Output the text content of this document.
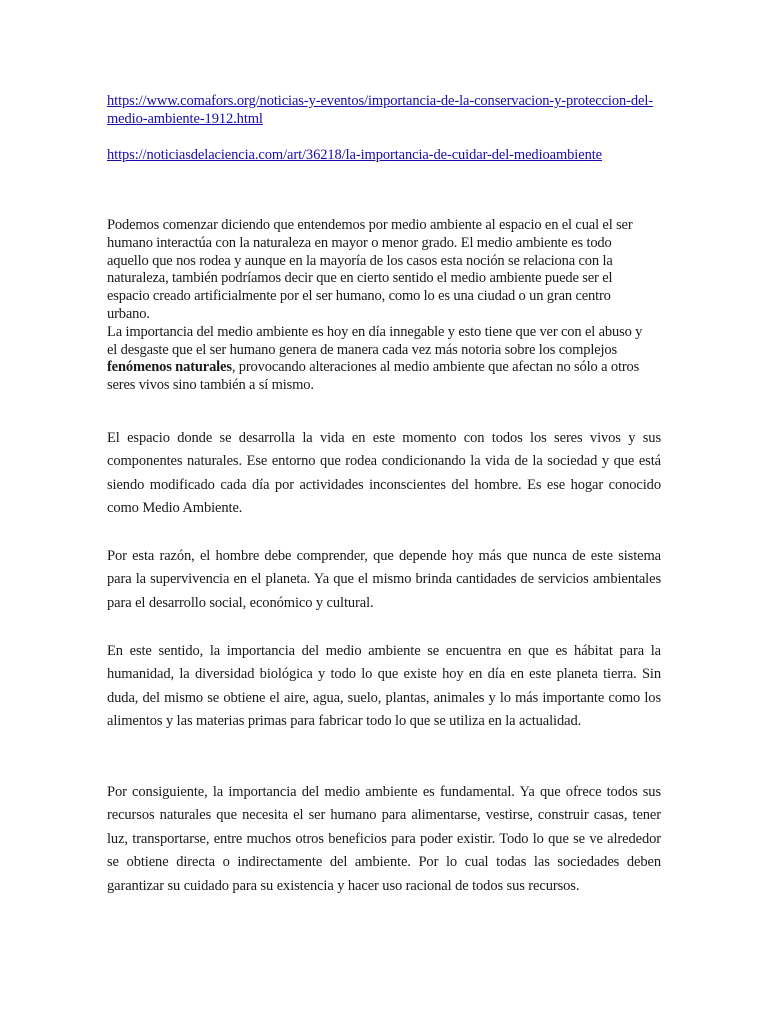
https://www.comafors.org/noticias-y-eventos/importancia-de-la-conservacion-y-proteccion-del-medio-ambiente-1912.html
https://noticiasdelaciencia.com/art/36218/la-importancia-de-cuidar-del-medioambiente

Podemos comenzar diciendo que entendemos por medio ambiente al espacio en el cual el ser humano interactúa con la naturaleza en mayor o menor grado. El medio ambiente es todo aquello que nos rodea y aunque en la mayoría de los casos esta noción se relaciona con la naturaleza, también podríamos decir que en cierto sentido el medio ambiente puede ser el espacio creado artificialmente por el ser humano, como lo es una ciudad o un gran centro urbano.

La importancia del medio ambiente es hoy en día innegable y esto tiene que ver con el abuso y el desgaste que el ser humano genera de manera cada vez más notoria sobre los complejos fenómenos naturales, provocando alteraciones al medio ambiente que afectan no sólo a otros seres vivos sino también a sí mismo.

El espacio donde se desarrolla la vida en este momento con todos los seres vivos y sus componentes naturales. Ese entorno que rodea condicionando la vida de la sociedad y que está siendo modificado cada día por actividades inconscientes del hombre. Es ese hogar conocido como Medio Ambiente.

Por esta razón, el hombre debe comprender, que depende hoy más que nunca de este sistema para la supervivencia en el planeta. Ya que el mismo brinda cantidades de servicios ambientales para el desarrollo social, económico y cultural.

En este sentido, la importancia del medio ambiente se encuentra en que es hábitat para la humanidad, la diversidad biológica y todo lo que existe hoy en día en este planeta tierra. Sin duda, del mismo se obtiene el aire, agua, suelo, plantas, animales y lo más importante como los alimentos y las materias primas para fabricar todo lo que se utiliza en la actualidad.

Por consiguiente, la importancia del medio ambiente es fundamental. Ya que ofrece todos sus recursos naturales que necesita el ser humano para alimentarse, vestirse, construir casas, tener luz, transportarse, entre muchos otros beneficios para poder existir. Todo lo que se ve alrededor se obtiene directa o indirectamente del ambiente. Por lo cual todas las sociedades deben garantizar su cuidado para su existencia y hacer uso racional de todos sus recursos.
